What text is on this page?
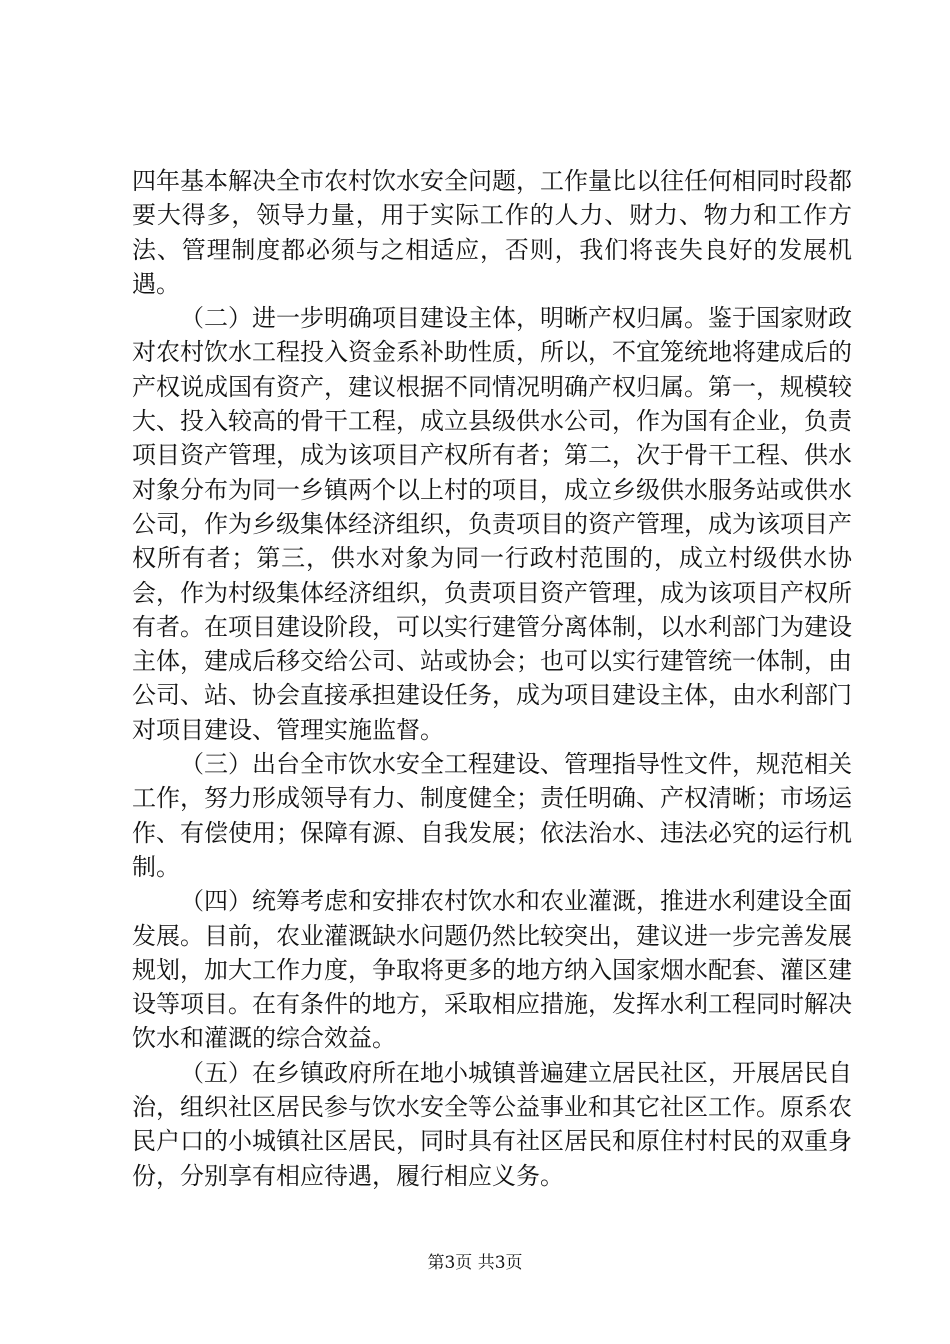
四年基本解决全市农村饮水安全问题，工作量比以往任何相同时段都要大得多，领导力量，用于实际工作的人力、财力、物力和工作方法、管理制度都必须与之相适应，否则，我们将丧失良好的发展机遇。

（二）进一步明确项目建设主体，明晰产权归属。鉴于国家财政对农村饮水工程投入资金系补助性质，所以，不宜笼统地将建成后的产权说成国有资产，建议根据不同情况明确产权归属。第一，规模较大、投入较高的骨干工程，成立县级供水公司，作为国有企业，负责项目资产管理，成为该项目产权所有者；第二，次于骨干工程、供水对象分布为同一乡镇两个以上村的项目，成立乡级供水服务站或供水公司，作为乡级集体经济组织，负责项目的资产管理，成为该项目产权所有者；第三，供水对象为同一行政村范围的，成立村级供水协会，作为村级集体经济组织，负责项目资产管理，成为该项目产权所有者。在项目建设阶段，可以实行建管分离体制，以水利部门为建设主体，建成后移交给公司、站或协会；也可以实行建管统一体制，由公司、站、协会直接承担建设任务，成为项目建设主体，由水利部门对项目建设、管理实施监督。

（三）出台全市饮水安全工程建设、管理指导性文件，规范相关工作，努力形成领导有力、制度健全；责任明确、产权清晰；市场运作、有偿使用；保障有源、自我发展；依法治水、违法必究的运行机制。

（四）统筹考虑和安排农村饮水和农业灌溉，推进水利建设全面发展。目前，农业灌溉缺水问题仍然比较突出，建议进一步完善发展规划，加大工作力度，争取将更多的地方纳入国家烟水配套、灌区建设等项目。在有条件的地方，采取相应措施，发挥水利工程同时解决饮水和灌溉的综合效益。

（五）在乡镇政府所在地小城镇普遍建立居民社区，开展居民自治，组织社区居民参与饮水安全等公益事业和其它社区工作。原系农民户口的小城镇社区居民，同时具有社区居民和原住村村民的双重身份，分别享有相应待遇，履行相应义务。

第3页 共3页
